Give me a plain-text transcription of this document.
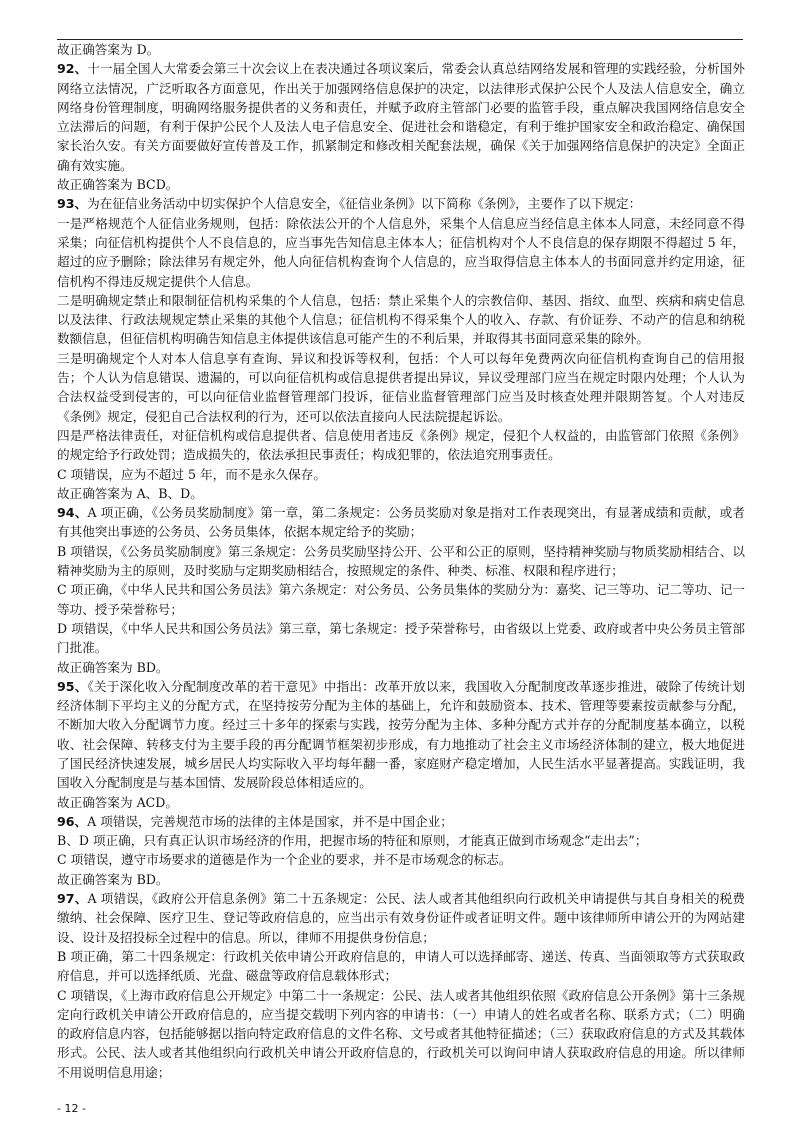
故正确答案为 D。

92、十一届全国人大常委会第三十次会议上在表决通过各项议案后，常委会认真总结网络发展和管理的实践经验，分析国外网络立法情况，广泛听取各方面意见，作出关于加强网络信息保护的决定，以法律形式保护公民个人及法人信息安全，确立网络身份管理制度，明确网络服务提供者的义务和责任，并赋予政府主管部门必要的监管手段，重点解决我国网络信息安全立法滞后的问题，有利于保护公民个人及法人电子信息安全、促进社会和谐稳定，有利于维护国家安全和政治稳定、确保国家长治久安。有关方面要做好宣传普及工作，抓紧制定和修改相关配套法规，确保《关于加强网络信息保护的决定》全面正确有效实施。

故正确答案为 BCD。

93、为在征信业务活动中切实保护个人信息安全，《征信业条例》以下简称《条例》，主要作了以下规定：

一是严格规范个人征信业务规则，包括：除依法公开的个人信息外，采集个人信息应当经信息主体本人同意，未经同意不得采集；向征信机构提供个人不良信息的，应当事先告知信息主体本人；征信机构对个人不良信息的保存期限不得超过 5 年，超过的应予删除；除法律另有规定外，他人向征信机构查询个人信息的，应当取得信息主体本人的书面同意并约定用途，征信机构不得违反规定提供个人信息。

二是明确规定禁止和限制征信机构采集的个人信息，包括：禁止采集个人的宗教信仰、基因、指纹、血型、疾病和病史信息以及法律、行政法规规定禁止采集的其他个人信息；征信机构不得采集个人的收入、存款、有价证券、不动产的信息和纳税数额信息，但征信机构明确告知信息主体提供该信息可能产生的不利后果，并取得其书面同意采集的除外。

三是明确规定个人对本人信息享有查询、异议和投诉等权利，包括：个人可以每年免费两次向征信机构查询自己的信用报告；个人认为信息错误、遗漏的，可以向征信机构或信息提供者提出异议，异议受理部门应当在规定时限内处理；个人认为合法权益受到侵害的，可以向征信业监督管理部门投诉，征信业监督管理部门应当及时核查处理并限期答复。个人对违反《条例》规定，侵犯自己合法权利的行为，还可以依法直接向人民法院提起诉讼。

四是严格法律责任，对征信机构或信息提供者、信息使用者违反《条例》规定，侵犯个人权益的，由监管部门依照《条例》的规定给予行政处罚；造成损失的，依法承担民事责任；构成犯罪的，依法追究刑事责任。

C 项错误，应为不超过 5 年，而不是永久保存。

故正确答案为 A、B、D。

94、A 项正确，《公务员奖励制度》第一章，第二条规定：公务员奖励对象是指对工作表现突出，有显著成绩和贡献，或者有其他突出事迹的公务员、公务员集体，依据本规定给予的奖励；

B 项错误，《公务员奖励制度》第三条规定：公务员奖励坚持公开、公平和公正的原则，坚持精神奖励与物质奖励相结合、以精神奖励为主的原则，及时奖励与定期奖励相结合，按照规定的条件、种类、标准、权限和程序进行；

C 项正确，《中华人民共和国公务员法》第六条规定：对公务员、公务员集体的奖励分为：嘉奖、记三等功、记二等功、记一等功、授予荣誉称号；

D 项错误，《中华人民共和国公务员法》第三章，第七条规定：授予荣誉称号，由省级以上党委、政府或者中央公务员主管部门批准。

故正确答案为 BD。

95、《关于深化收入分配制度改革的若干意见》中指出：改革开放以来，我国收入分配制度改革逐步推进，破除了传统计划经济体制下平均主义的分配方式，在坚持按劳分配为主体的基础上，允许和鼓励资本、技术、管理等要素按贡献参与分配，不断加大收入分配调节力度。经过三十多年的探索与实践，按劳分配为主体、多种分配方式并存的分配制度基本确立，以税收、社会保障、转移支付为主要手段的再分配调节框架初步形成，有力地推动了社会主义市场经济体制的建立，极大地促进了国民经济快速发展，城乡居民人均实际收入平均每年翻一番，家庭财产稳定增加，人民生活水平显著提高。实践证明，我国收入分配制度是与基本国情、发展阶段总体相适应的。

故正确答案为 ACD。

96、A 项错误，完善规范市场的法律的主体是国家，并不是中国企业；

B、D 项正确，只有真正认识市场经济的作用，把握市场的特征和原则，才能真正做到市场观念“走出去”；

C 项错误，遵守市场要求的道德是作为一个企业的要求，并不是市场观念的标志。

故正确答案为 BD。

97、A 项错误，《政府公开信息条例》第二十五条规定：公民、法人或者其他组织向行政机关申请提供与其自身相关的税费缴纳、社会保障、医疗卫生、登记等政府信息的，应当出示有效身份证件或者证明文件。题中该律师所申请公开的为网站建设、设计及招投标全过程中的信息。所以，律师不用提供身份信息；

B 项正确，第二十四条规定：行政机关依申请公开政府信息的，申请人可以选择邮寄、递送、传真、当面领取等方式获取政府信息，并可以选择纸质、光盘、磁盘等政府信息载体形式；

C 项错误，《上海市政府信息公开规定》中第二十一条规定：公民、法人或者其他组织依照《政府信息公开条例》第十三条规定向行政机关申请公开政府信息的，应当提交载明下列内容的申请书：（一）申请人的姓名或者名称、联系方式；（二）明确的政府信息内容，包括能够据以指向特定政府信息的文件名称、文号或者其他特征描述；（三）获取政府信息的方式及其载体形式。公民、法人或者其他组织向行政机关申请公开政府信息的，行政机关可以询问申请人获取政府信息的用途。所以律师不用说明信息用途；

- 12 -
